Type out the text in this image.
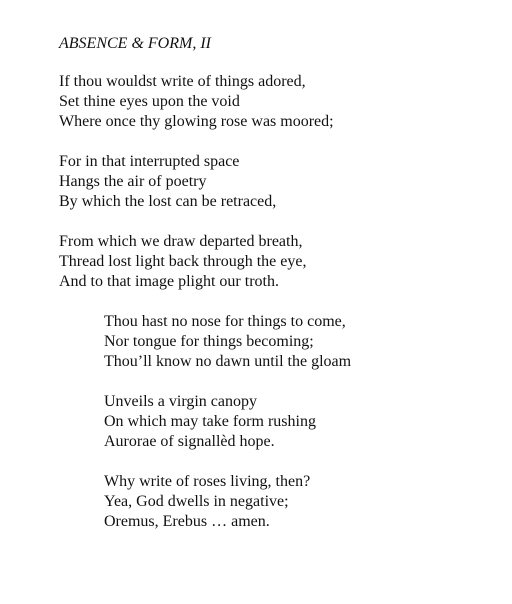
ABSENCE & FORM, II
If thou wouldst write of things adored,
Set thine eyes upon the void
Where once thy glowing rose was moored;
For in that interrupted space
Hangs the air of poetry
By which the lost can be retraced,
From which we draw departed breath,
Thread lost light back through the eye,
And to that image plight our troth.
Thou hast no nose for things to come,
Nor tongue for things becoming;
Thou’ll know no dawn until the gloam
Unveils a virgin canopy
On which may take form rushing
Aurorae of signallèd hope.
Why write of roses living, then?
Yea, God dwells in negative;
Oremus, Erebus … amen.
